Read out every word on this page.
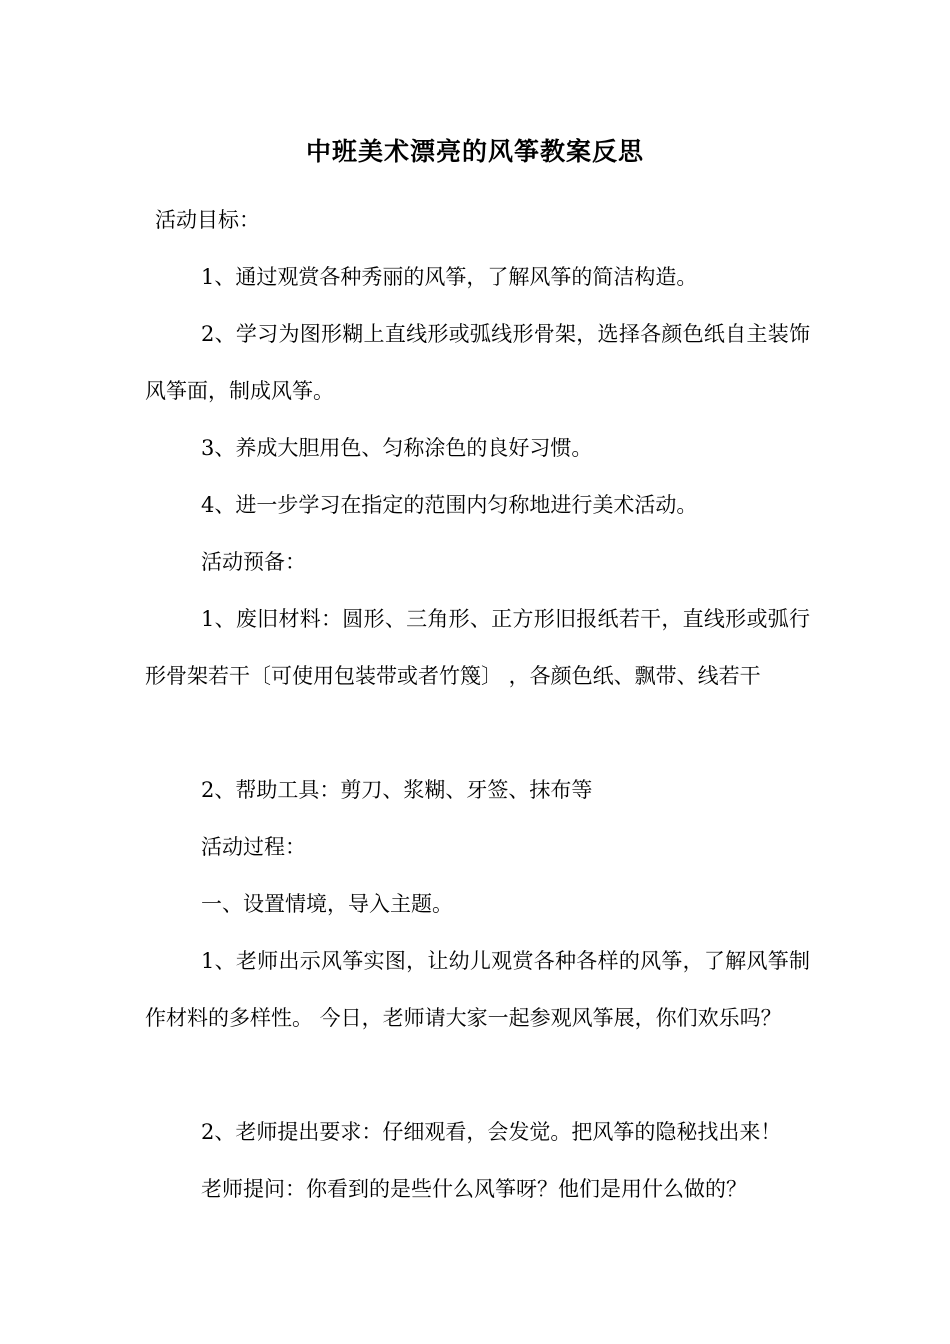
中班美术漂亮的风筝教案反思

活动目标：

1、通过观赏各种秀丽的风筝，了解风筝的简洁构造。

2、学习为图形糊上直线形或弧线形骨架，选择各颜色纸自主装饰风筝面，制成风筝。

3、养成大胆用色、匀称涂色的良好习惯。

4、进一步学习在指定的范围内匀称地进行美术活动。

活动预备：

1、废旧材料：圆形、三角形、正方形旧报纸若干，直线形或弧行形骨架若干〔可使用包装带或者竹篾〕 ，各颜色纸、飘带、线若干

2、帮助工具：剪刀、浆糊、牙签、抹布等

活动过程：

一、设置情境，导入主题。

1、老师出示风筝实图，让幼儿观赏各种各样的风筝，了解风筝制作材料的多样性。 今日，老师请大家一起参观风筝展，你们欢乐吗？

2、老师提出要求：仔细观看，会发觉。把风筝的隐秘找出来！

老师提问：你看到的是些什么风筝呀？他们是用什么做的？
